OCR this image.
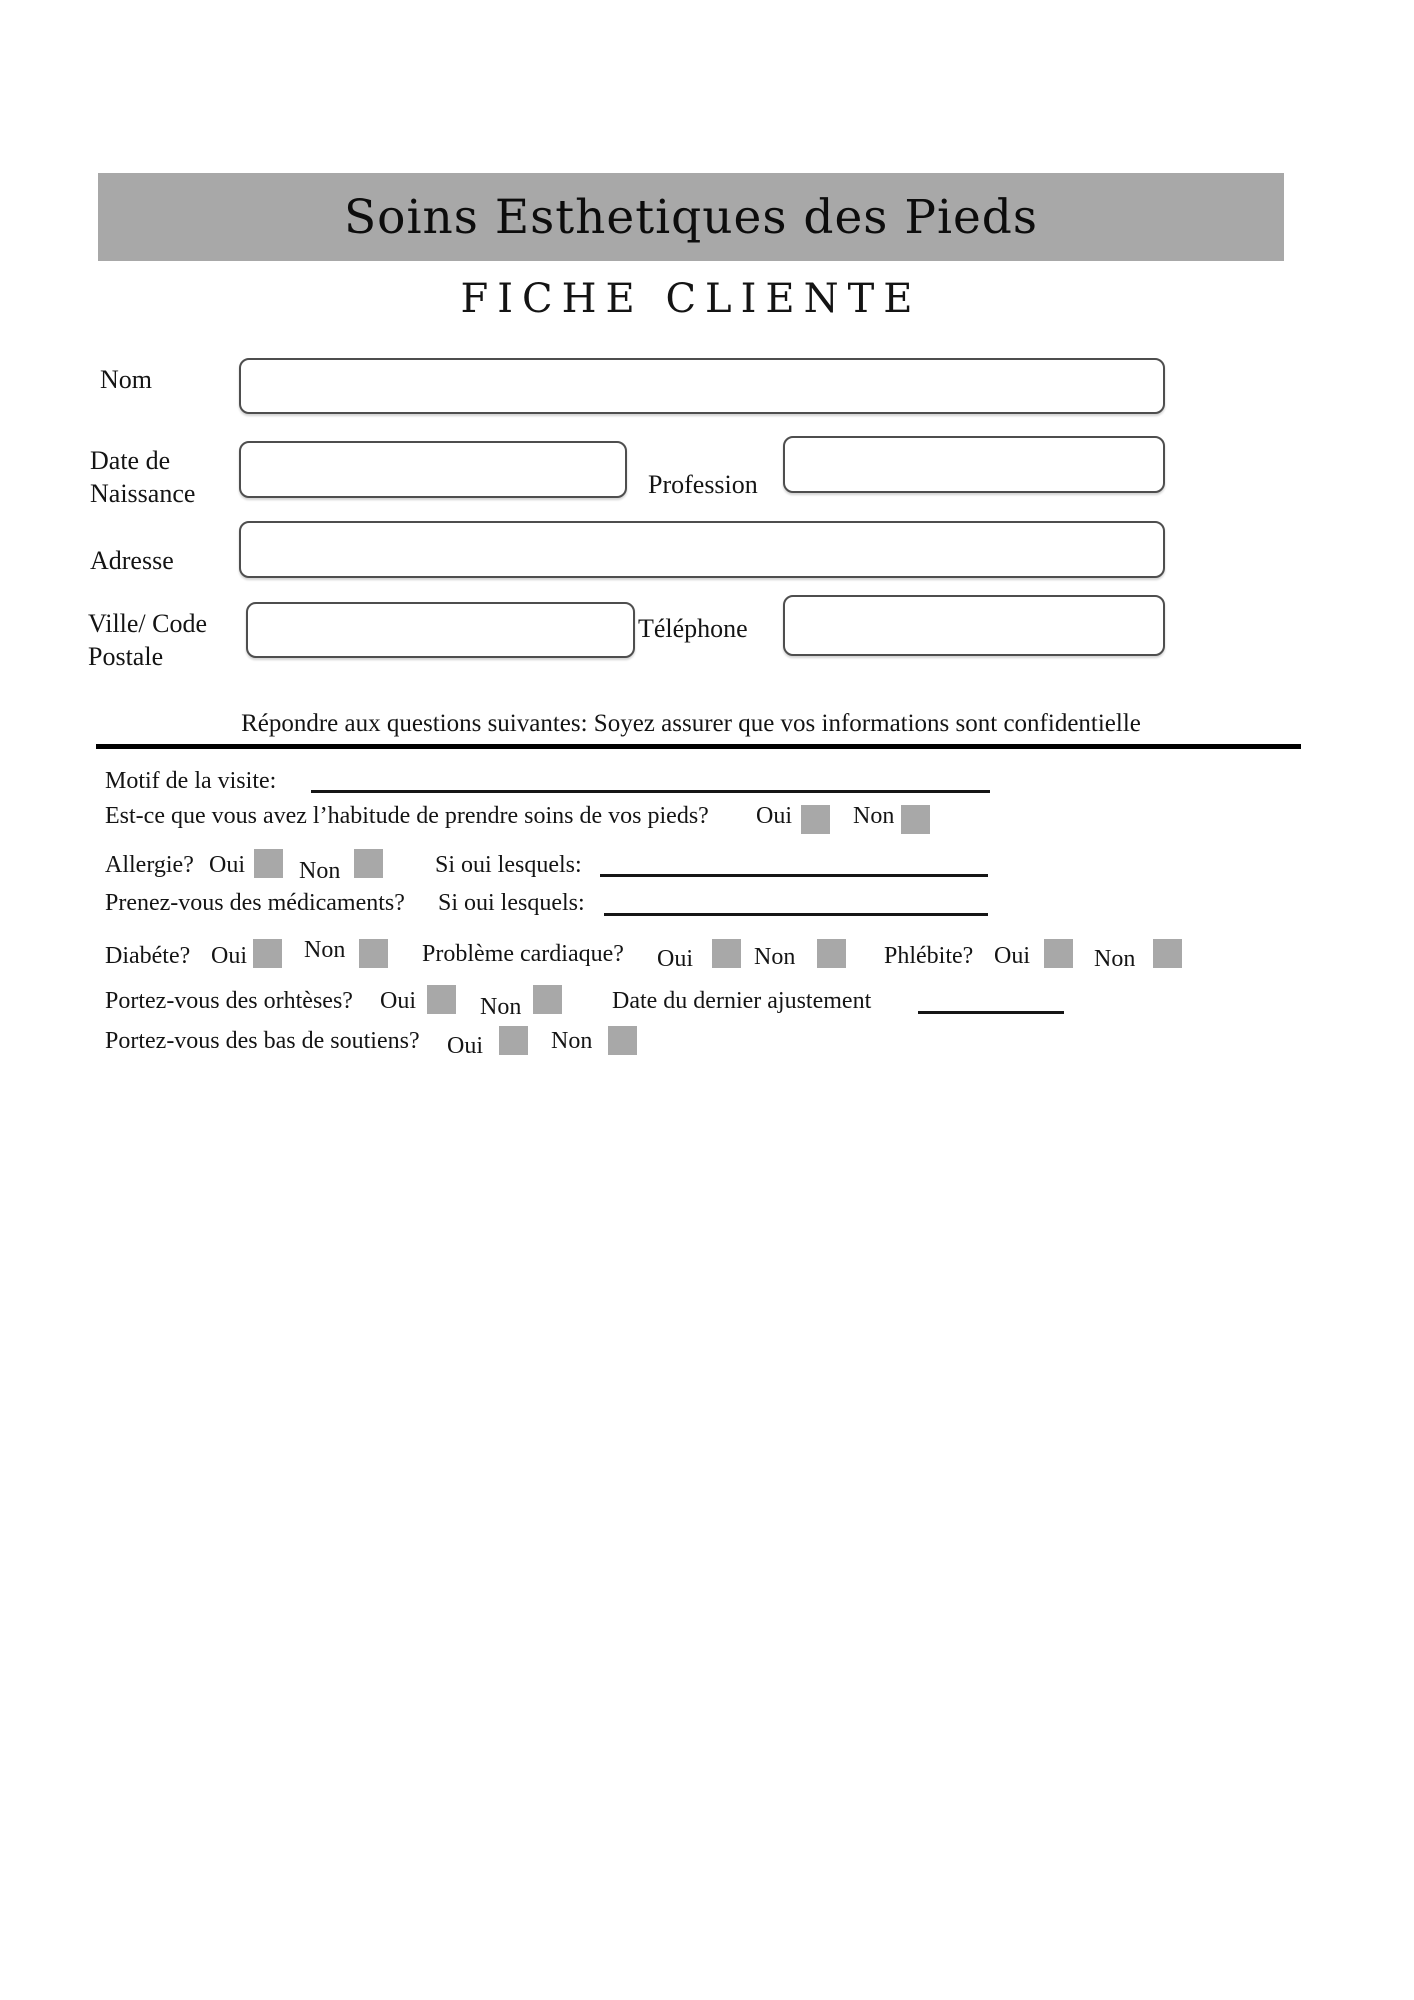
Soins Esthetiques des Pieds
FICHE CLIENTE
Nom
Date de
Naissance	Profession
Adresse
Ville/ Code
Postale
Téléphone
Répondre aux questions suivantes: Soyez assurer que vos informations sont confidentielle
Motif de la visite:
Est-ce que vous avez l’habitude de prendre soins de vos pieds? Oui	Non
Allergie? Oui Non	Si oui lesquels:
Prenez-vous des médicaments? Si oui lesquels:
Diabéte? Oui Non	Problème cardiaque? Oui	Non	Phlébite? Oui	Non
Portez-vous des orhtèses? Oui	Non	Date du dernier ajustement
Portez-vous des bas de soutiens? Oui	Non
